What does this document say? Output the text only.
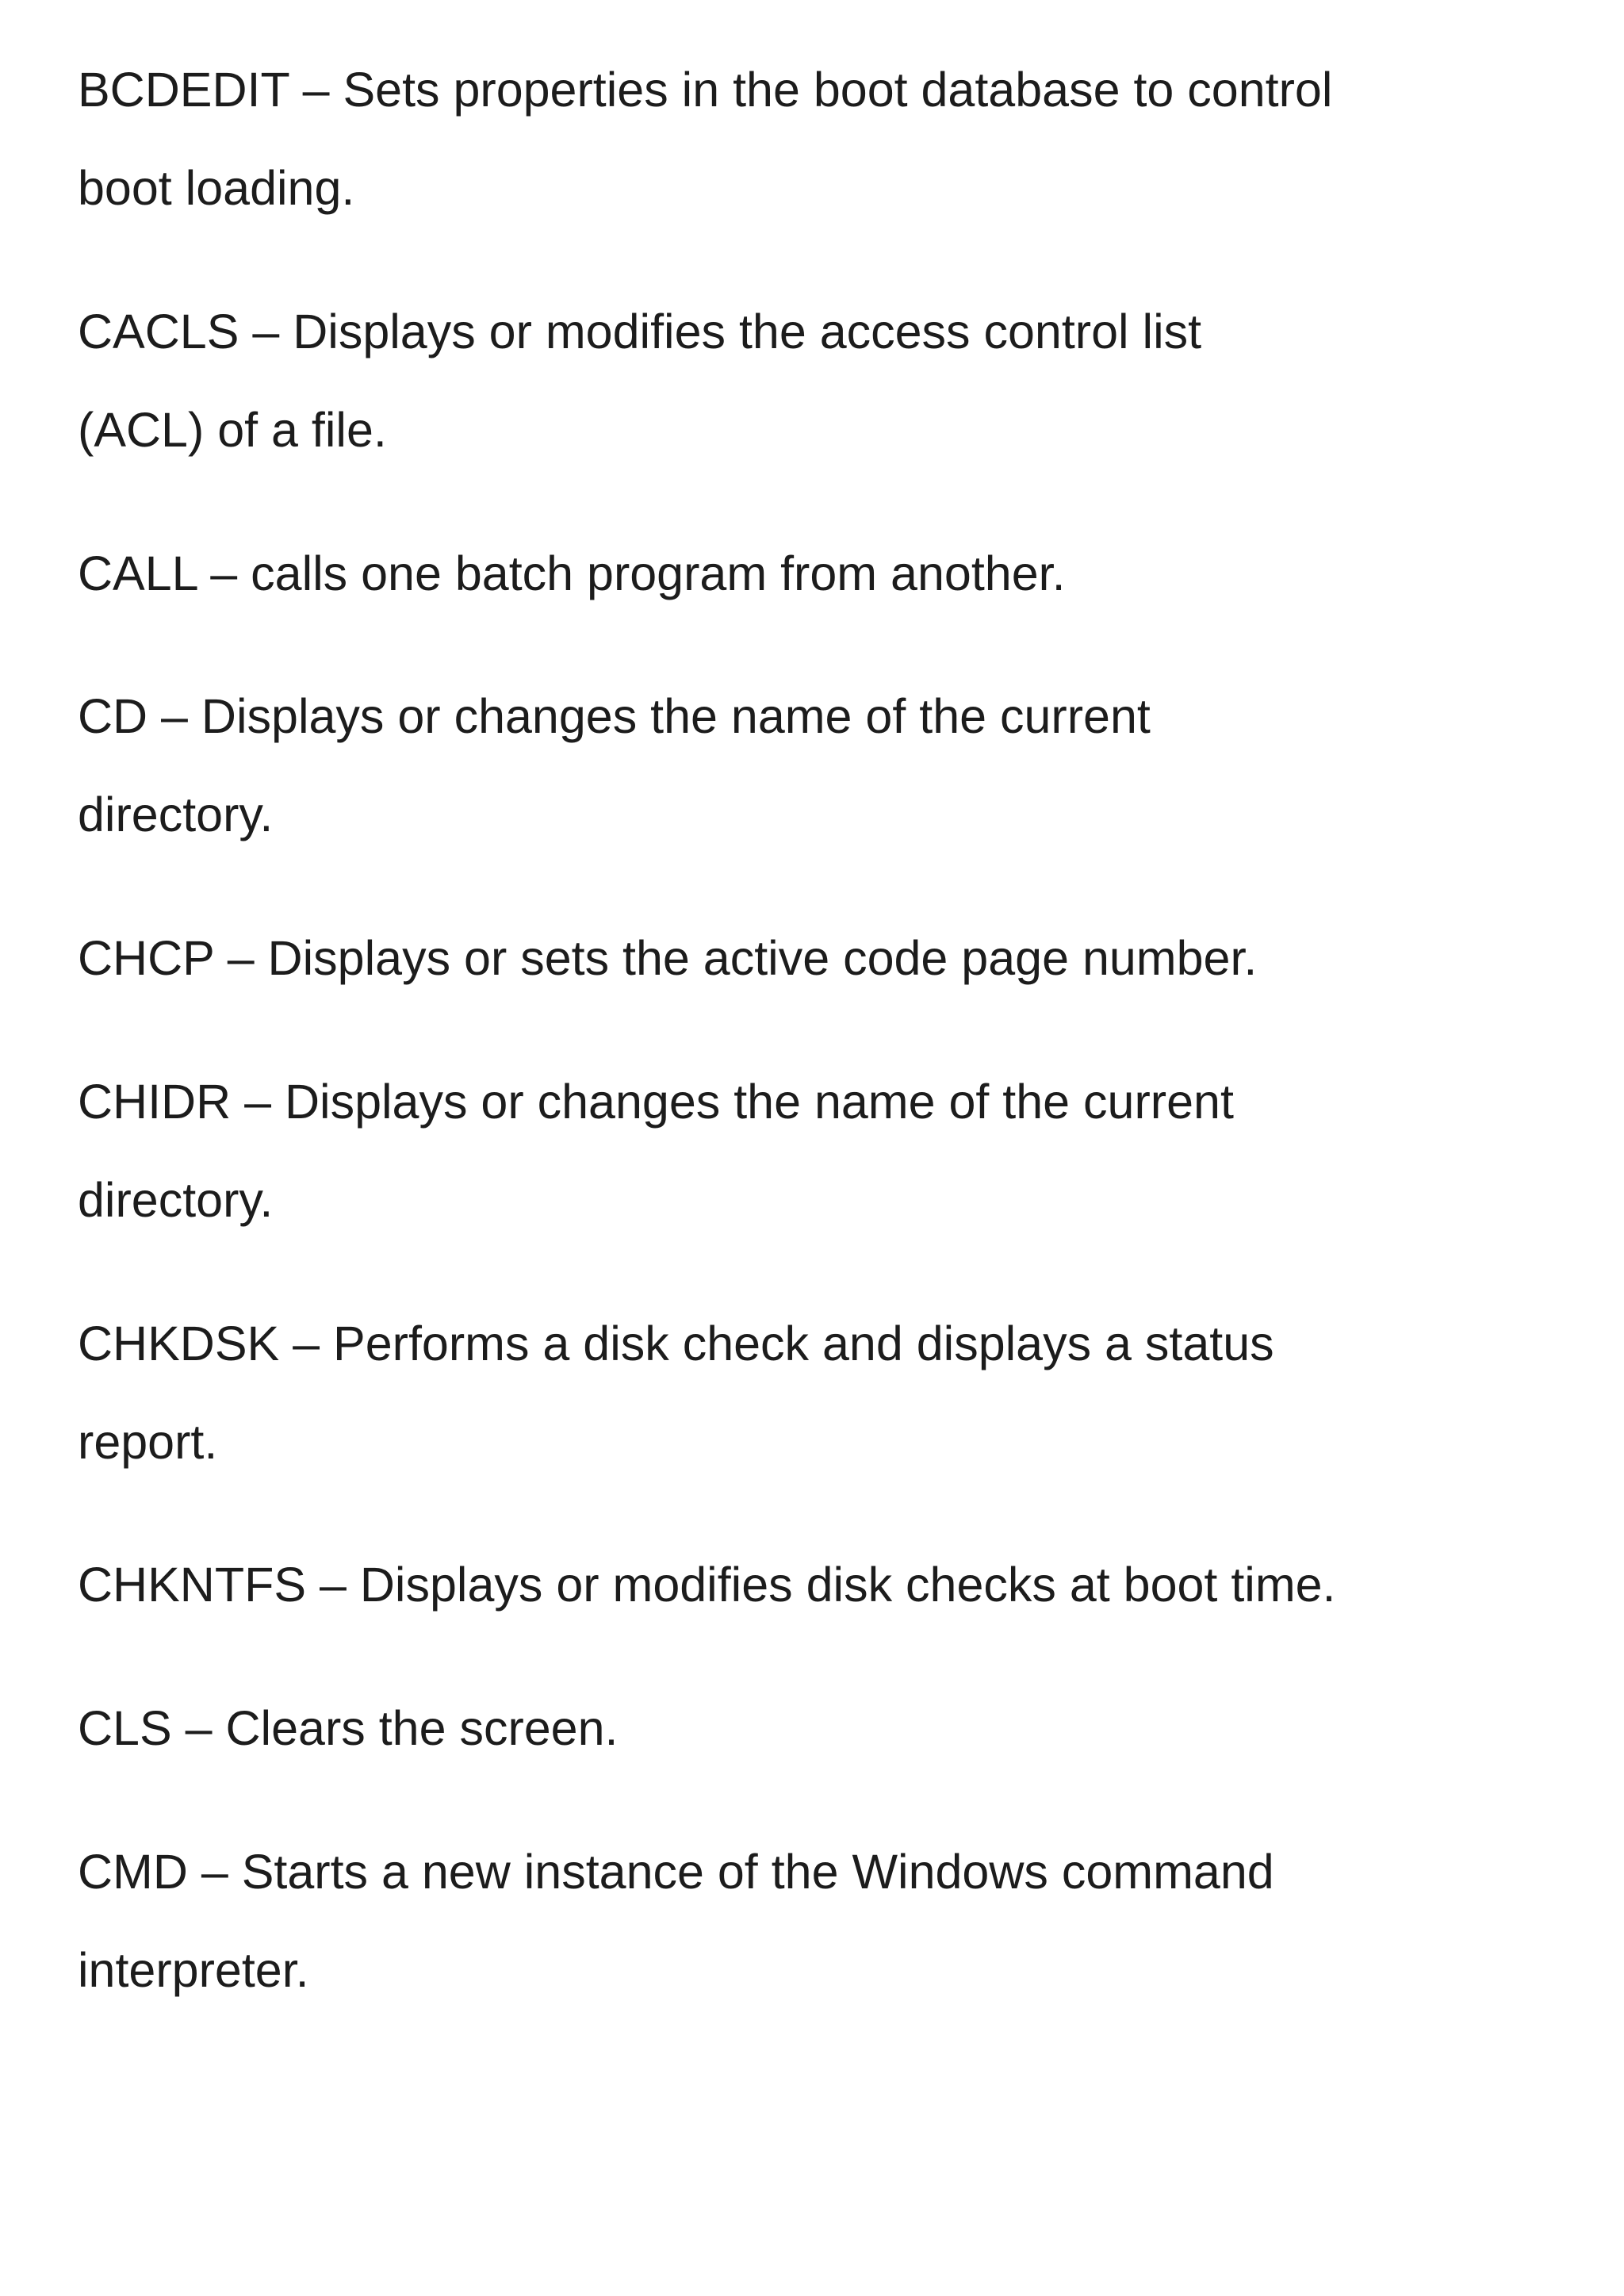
BCDEDIT – Sets properties in the boot database to control
boot loading.

CACLS – Displays or modifies the access control list
(ACL) of a file.

CALL – calls one batch program from another.

CD – Displays or changes the name of the current
directory.

CHCP – Displays or sets the active code page number.

CHIDR – Displays or changes the name of the current
directory.

CHKDSK – Performs a disk check and displays a status
report.

CHKNTFS – Displays or modifies disk checks at boot time.

CLS – Clears the screen.

CMD – Starts a new instance of the Windows command
interpreter.
